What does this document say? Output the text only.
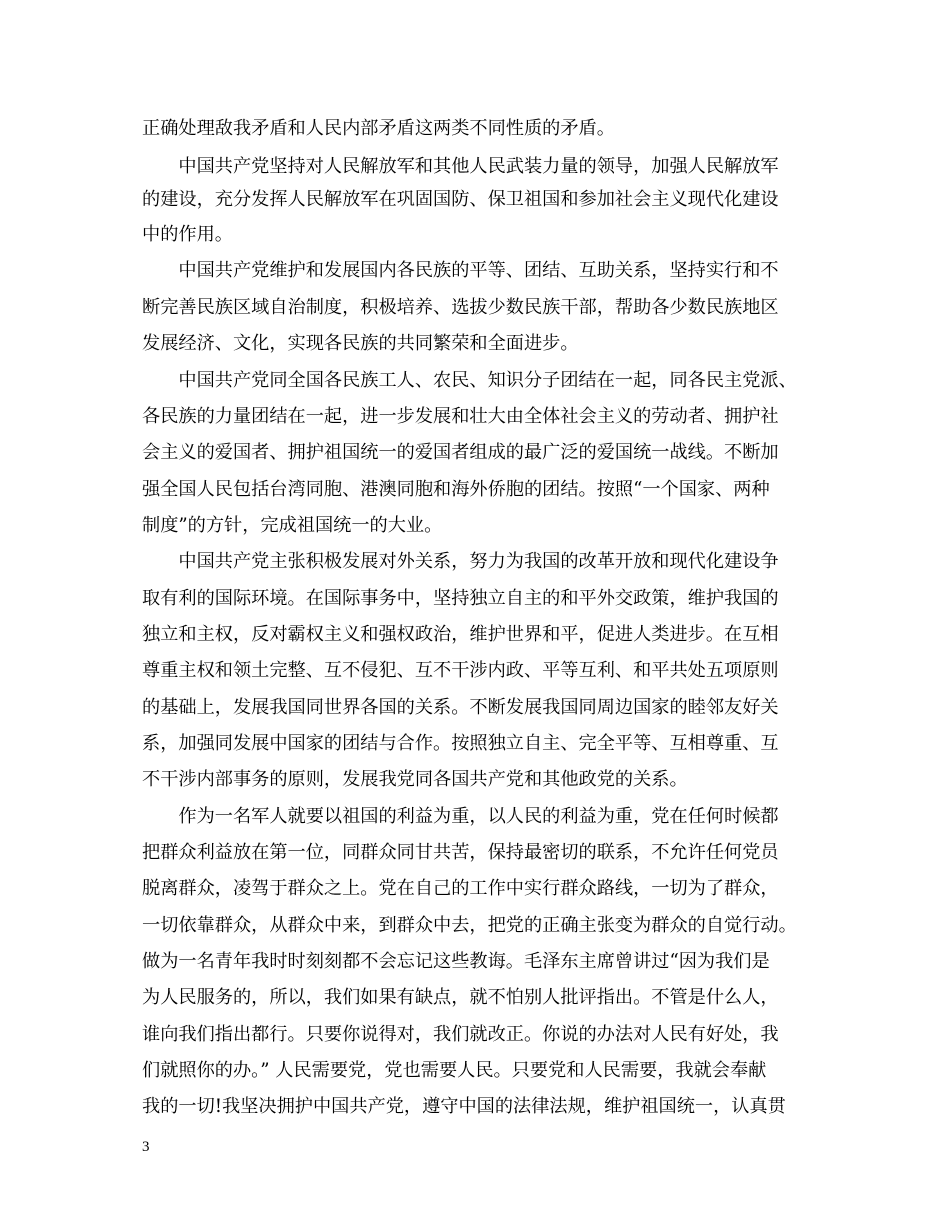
正确处理敌我矛盾和人民内部矛盾这两类不同性质的矛盾。
　　中国共产党坚持对人民解放军和其他人民武装力量的领导，加强人民解放军
的建设，充分发挥人民解放军在巩固国防、保卫祖国和参加社会主义现代化建设
中的作用。
　　中国共产党维护和发展国内各民族的平等、团结、互助关系，坚持实行和不
断完善民族区域自治制度，积极培养、选拔少数民族干部，帮助各少数民族地区
发展经济、文化，实现各民族的共同繁荣和全面进步。
　　中国共产党同全国各民族工人、农民、知识分子团结在一起，同各民主党派、
各民族的力量团结在一起，进一步发展和壮大由全体社会主义的劳动者、拥护社
会主义的爱国者、拥护祖国统一的爱国者组成的最广泛的爱国统一战线。不断加
强全国人民包括台湾同胞、港澳同胞和海外侨胞的团结。按照“一个国家、两种
制度”的方针，完成祖国统一的大业。
　　中国共产党主张积极发展对外关系，努力为我国的改革开放和现代化建设争
取有利的国际环境。在国际事务中，坚持独立自主的和平外交政策，维护我国的
独立和主权，反对霸权主义和强权政治，维护世界和平，促进人类进步。在互相
尊重主权和领土完整、互不侵犯、互不干涉内政、平等互利、和平共处五项原则
的基础上，发展我国同世界各国的关系。不断发展我国同周边国家的睦邻友好关
系，加强同发展中国家的团结与合作。按照独立自主、完全平等、互相尊重、互
不干涉内部事务的原则，发展我党同各国共产党和其他政党的关系。
　　作为一名军人就要以祖国的利益为重，以人民的利益为重，党在任何时候都
把群众利益放在第一位，同群众同甘共苦，保持最密切的联系，不允许任何党员
脱离群众，凌驾于群众之上。党在自己的工作中实行群众路线，一切为了群众，
一切依靠群众，从群众中来，到群众中去，把党的正确主张变为群众的自觉行动。
做为一名青年我时时刻刻都不会忘记这些教诲。毛泽东主席曾讲过“因为我们是
为人民服务的，所以，我们如果有缺点，就不怕别人批评指出。不管是什么人，
谁向我们指出都行。只要你说得对，我们就改正。你说的办法对人民有好处，我
们就照你的办。” 人民需要党，党也需要人民。只要党和人民需要，我就会奉献
我的一切!我坚决拥护中国共产党，遵守中国的法律法规，维护祖国统一，认真贯
3
